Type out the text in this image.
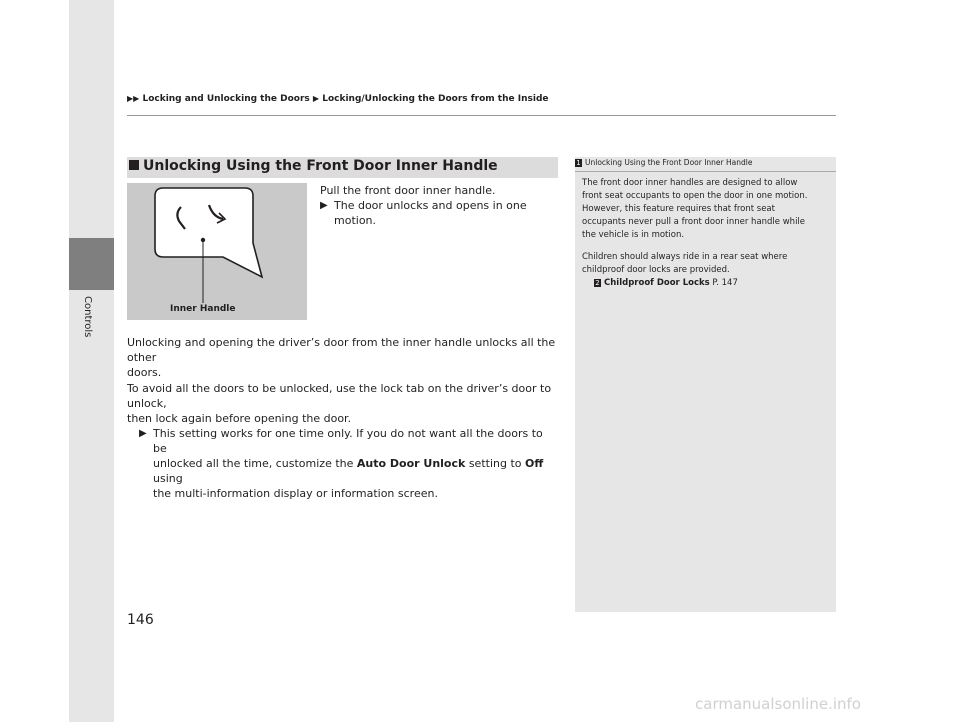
▶▶ Locking and Unlocking the Doors ▶ Locking/Unlocking the Doors from the Inside
Controls
Unlocking Using the Front Door Inner Handle
Inner Handle
Pull the front door inner handle.
▶ The door unlocks and opens in one
motion.
Unlocking and opening the driver’s door from the inner handle unlocks all the other
doors.
To avoid all the doors to be unlocked, use the lock tab on the driver’s door to unlock,
then lock again before opening the door.
▶ This setting works for one time only. If you do not want all the doors to be
unlocked all the time, customize the Auto Door Unlock setting to Off using
the multi-information display or information screen.
1 Unlocking Using the Front Door Inner Handle

The front door inner handles are designed to allow
front seat occupants to open the door in one motion.
However, this feature requires that front seat
occupants never pull a front door inner handle while
the vehicle is in motion.

Children should always ride in a rear seat where
childproof door locks are provided.
2 Childproof Door Locks P. 147

146
carmanualsonline.info
